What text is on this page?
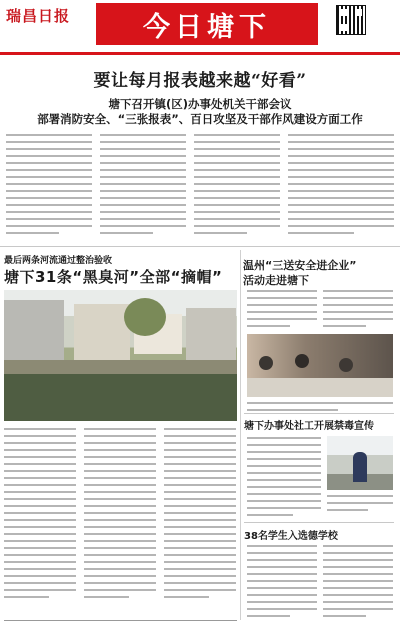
瑞昌日报	今日塘下
要让每月报表越来越“好看”
塘下召开镇(区)办事处机关干部会议
部署消防安全、“三张报表”、百日攻坚及干部作风建设方面工作
最后两条河流通过整治验收
塘下31条“黑臭河”全部“摘帽”
温州“三送安全进企业”
活动走进塘下
塘下办事处社工开展禁毒宣传
38名学生入选德学校
